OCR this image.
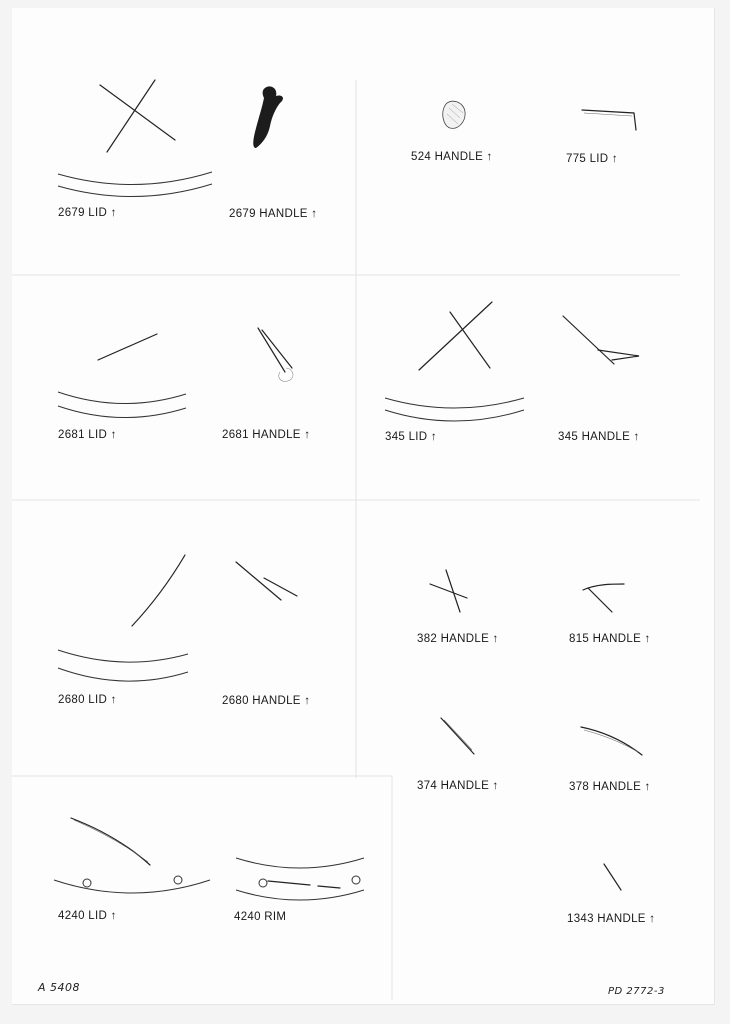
2679 LID ↑	2679 HANDLE ↑
524 HANDLE ↑	775 LID ↑
2681 LID ↑	2681 HANDLE ↑	345 LID ↑	345 HANDLE ↑
382 HANDLE ↑	815 HANDLE ↑
2680 LID ↑	2680 HANDLE ↑
374 HANDLE ↑	378 HANDLE ↑
4240 LID ↑	4240 RIM	1343 HANDLE ↑
A 5408	PD 2772-3
